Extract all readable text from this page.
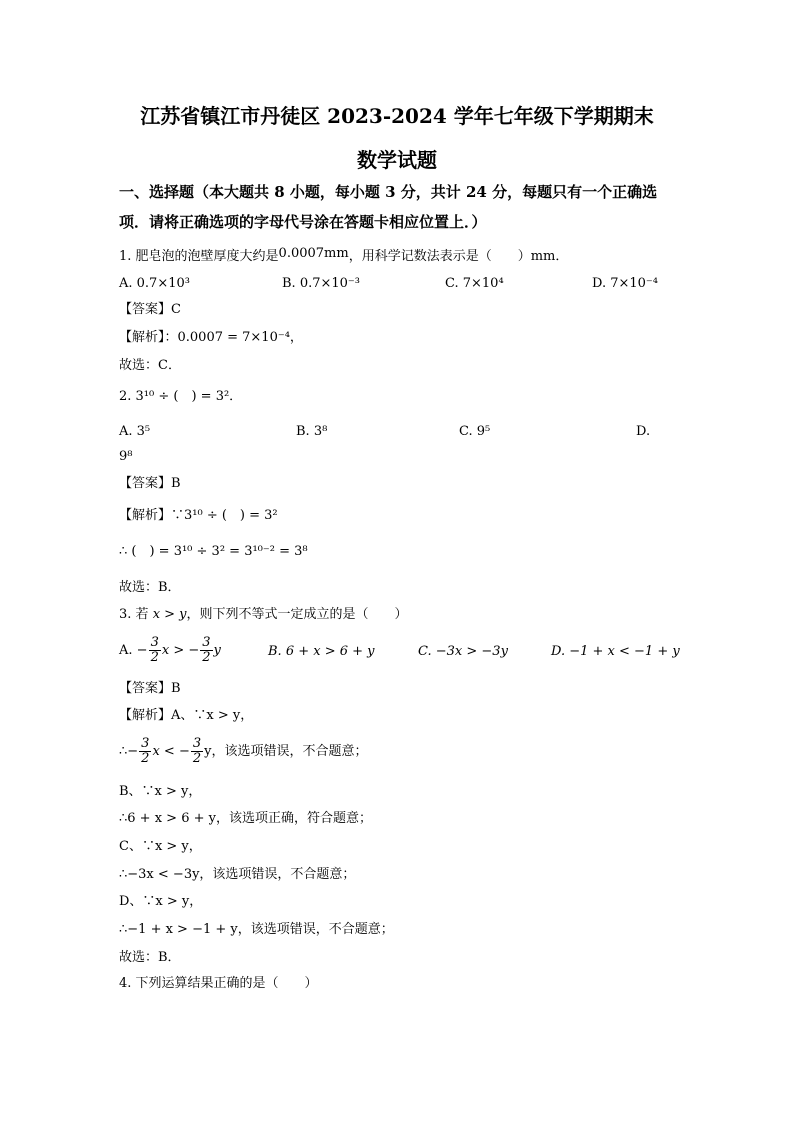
江苏省镇江市丹徒区 2023-2024 学年七年级下学期期末
数学试题
一、选择题（本大题共 8 小题，每小题 3 分，共计 24 分，每题只有一个正确选
项．请将正确选项的字母代号涂在答题卡相应位置上．）
1. 肥皂泡的泡壁厚度大约是0.0007mm，用科学记数法表示是（　　）mm．
A. 0.7×10³	B. 0.7×10⁻³	C. 7×10⁴	D. 7×10⁻⁴
【答案】C
【解析】：0.0007 = 7×10⁻⁴，
故选：C．
2. 3¹⁰ ÷ (　) = 3²．
A. 3⁵	B. 3⁸	C. 9⁵	D.
9⁸
【答案】B
【解析】∵3¹⁰ ÷ (　) = 3²
∴ (　) = 3¹⁰ ÷ 3² = 3¹⁰⁻² = 3⁸
故选：B．
3. 若 x > y，则下列不等式一定成立的是（　　）
A. − $\frac{3}{2}$ x > − $\frac{3}{2}$ y	B. 6 + x > 6 + y	C. −3x > −3y	D. −1 + x < −1 + y
【答案】B
【解析】A、∵x > y，
∴− $\frac{3}{2}$ x < − $\frac{3}{2}$ y，该选项错误，不合题意；
B、∵x > y，
∴6 + x > 6 + y，该选项正确，符合题意；
C、∵x > y，
∴−3x < −3y，该选项错误，不合题意；
D、∵x > y，
∴−1 + x > −1 + y，该选项错误，不合题意；
故选：B．
4. 下列运算结果正确的是（　　）
